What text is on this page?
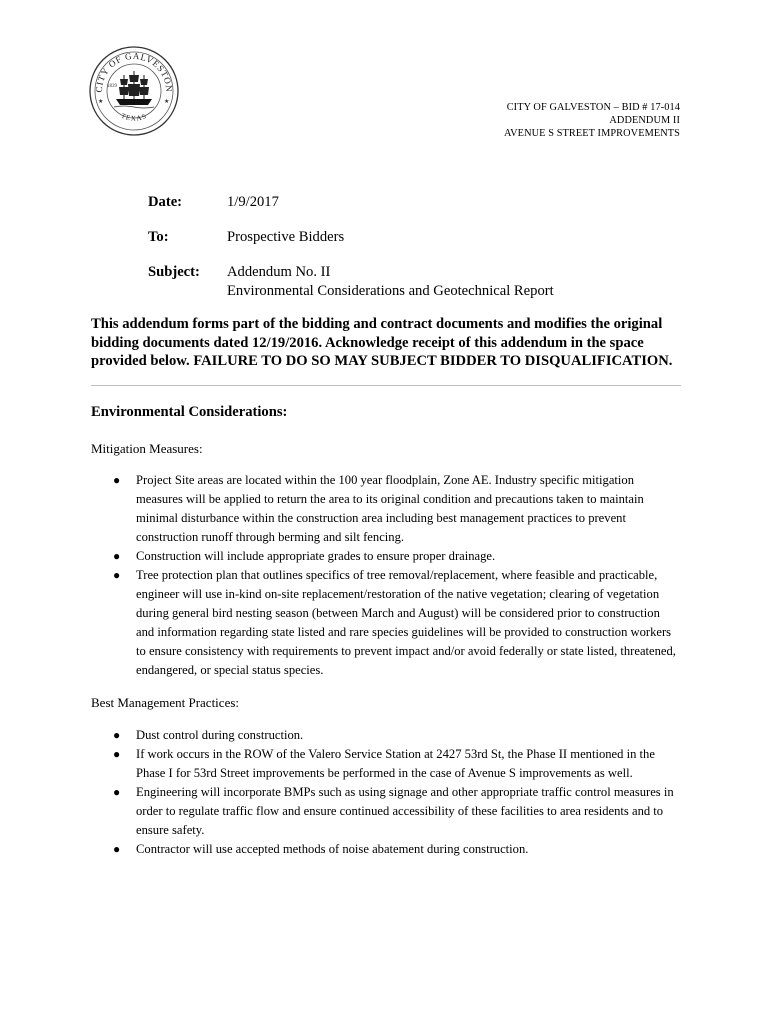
CITY OF GALVESTON
TEXAS
1839
★	★	CITY OF GALVESTON – BID # 17-014
ADDENDUM II
AVENUE S STREET IMPROVEMENTS
Date:	1/9/2017
To:	Prospective Bidders
Subject: Addendum No. II
Environmental Considerations and Geotechnical Report
This addendum forms part of the bidding and contract documents and modifies the original bidding documents dated 12/19/2016. Acknowledge receipt of this addendum in the space provided below. FAILURE TO DO SO MAY SUBJECT BIDDER TO DISQUALIFICATION.
Environmental Considerations:
Mitigation Measures:
● Project Site areas are located within the 100 year floodplain, Zone AE. Industry specific mitigation measures will be applied to return the area to its original condition and precautions taken to maintain minimal disturbance within the construction area including best management practices to prevent construction runoff through berming and silt fencing.
● Construction will include appropriate grades to ensure proper drainage.
● Tree protection plan that outlines specifics of tree removal/replacement, where feasible and practicable, engineer will use in-kind on-site replacement/restoration of the native vegetation; clearing of vegetation during general bird nesting season (between March and August) will be considered prior to construction and information regarding state listed and rare species guidelines will be provided to construction workers to ensure consistency with requirements to prevent impact and/or avoid federally or state listed, threatened, endangered, or special status species.
Best Management Practices:
● Dust control during construction.
● If work occurs in the ROW of the Valero Service Station at 2427 53rd St, the Phase II mentioned in the Phase I for 53rd Street improvements be performed in the case of Avenue S improvements as well.
● Engineering will incorporate BMPs such as using signage and other appropriate traffic control measures in order to regulate traffic flow and ensure continued accessibility of these facilities to area residents and to ensure safety.
● Contractor will use accepted methods of noise abatement during construction.
